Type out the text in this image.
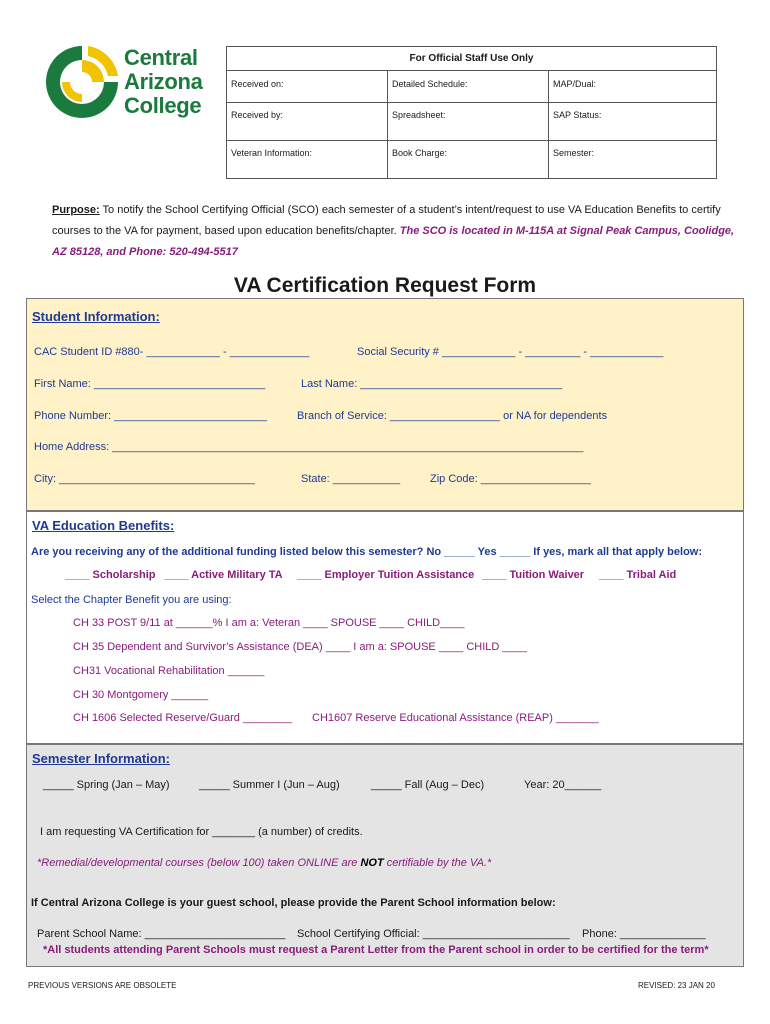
Central
Arizona
College
For Official Staff Use Only		
Received on:	Detailed Schedule:	MAP/Dual:
Received by:	Spreadsheet:	SAP Status:
Veteran Information:	Book Charge:	Semester:
Purpose: To notify the School Certifying Official (SCO) each semester of a student’s intent/request to use VA Education Benefits to certify courses to the VA for payment, based upon education benefits/chapter. The SCO is located in M-115A at Signal Peak Campus, Coolidge, AZ 85128, and Phone: 520-494-5517
VA Certification Request Form
Student Information:
CAC Student ID #880- ____________ - _____________	Social Security # ____________ - _________ - ____________
First Name: ____________________________	Last Name: _________________________________
Phone Number: _________________________	Branch of Service: __________________ or NA for dependents
Home Address: _____________________________________________________________________________
City: ________________________________	State: ___________	Zip Code: __________________
VA Education Benefits:
Are you receiving any of the additional funding listed below this semester? No _____ Yes _____ If yes, mark all that apply below:
____ Scholarship ____ Active Military TA ____ Employer Tuition Assistance ____ Tuition Waiver ____ Tribal Aid
Select the Chapter Benefit you are using:
CH 33 POST 9/11 at ______% I am a: Veteran ____ SPOUSE ____ CHILD____
CH 35 Dependent and Survivor’s Assistance (DEA) ____ I am a: SPOUSE ____ CHILD ____
CH31 Vocational Rehabilitation ______
CH 30 Montgomery ______
CH 1606 Selected Reserve/Guard ________ CH1607 Reserve Educational Assistance (REAP) _______
Semester Information:
_____ Spring (Jan – May)	_____ Summer I (Jun – Aug)	_____ Fall (Aug – Dec)	Year: 20______
I am requesting VA Certification for _______ (a number) of credits.
*Remedial/developmental courses (below 100) taken ONLINE are NOT certifiable by the VA.*
If Central Arizona College is your guest school, please provide the Parent School information below:
Parent School Name: _______________________ School Certifying Official: ________________________ Phone: ______________
*All students attending Parent Schools must request a Parent Letter from the Parent school in order to be certified for the term*
PREVIOUS VERSIONS ARE OBSOLETE	REVISED: 23 JAN 20
